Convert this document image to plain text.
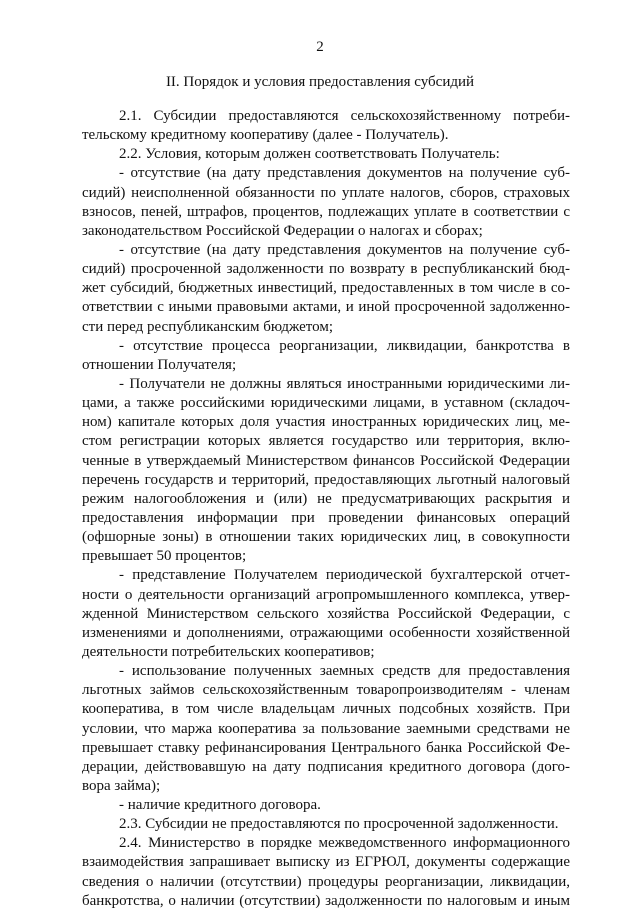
2
II. Порядок и условия предоставления субсидий
2.1. Субсидии предоставляются сельскохозяйственному потреби-
тельскому кредитному кооперативу (далее - Получатель).
2.2. Условия, которым должен соответствовать Получатель:
- отсутствие (на дату представления документов на получение суб-
сидий) неисполненной обязанности по уплате налогов, сборов, страховых
взносов, пеней, штрафов, процентов, подлежащих уплате в соответствии с
законодательством Российской Федерации о налогах и сборах;
- отсутствие (на дату представления документов на получение суб-
сидий) просроченной задолженности по возврату в республиканский бюд-
жет субсидий, бюджетных инвестиций, предоставленных в том числе в со-
ответствии с иными правовыми актами, и иной просроченной задолженно-
сти перед республиканским бюджетом;
- отсутствие процесса реорганизации, ликвидации, банкротства в
отношении Получателя;
- Получатели не должны являться иностранными юридическими ли-
цами, а также российскими юридическими лицами, в уставном (складоч-
ном) капитале которых доля участия иностранных юридических лиц, ме-
стом регистрации которых является государство или территория, вклю-
ченные в утверждаемый Министерством финансов Российской Федерации
перечень государств и территорий, предоставляющих льготный налоговый
режим налогообложения и (или) не предусматривающих раскрытия и
предоставления информации при проведении финансовых операций
(офшорные зоны) в отношении таких юридических лиц, в совокупности
превышает 50 процентов;
- представление Получателем периодической бухгалтерской отчет-
ности о деятельности организаций агропромышленного комплекса, утвер-
жденной Министерством сельского хозяйства Российской Федерации, с
изменениями и дополнениями, отражающими особенности хозяйственной
деятельности потребительских кооперативов;
- использование полученных заемных средств для предоставления
льготных займов сельскохозяйственным товаропроизводителям - членам
кооператива, в том числе владельцам личных подсобных хозяйств. При
условии, что маржа кооператива за пользование заемными средствами не
превышает ставку рефинансирования Центрального банка Российской Фе-
дерации, действовавшую на дату подписания кредитного договора (дого-
вора займа);
- наличие кредитного договора.
2.3. Субсидии не предоставляются по просроченной задолженности.
2.4. Министерство в порядке межведомственного информационного
взаимодействия запрашивает выписку из ЕГРЮЛ, документы содержащие
сведения о наличии (отсутствии) процедуры реорганизации, ликвидации,
банкротства, о наличии (отсутствии) задолженности по налоговым и иным
